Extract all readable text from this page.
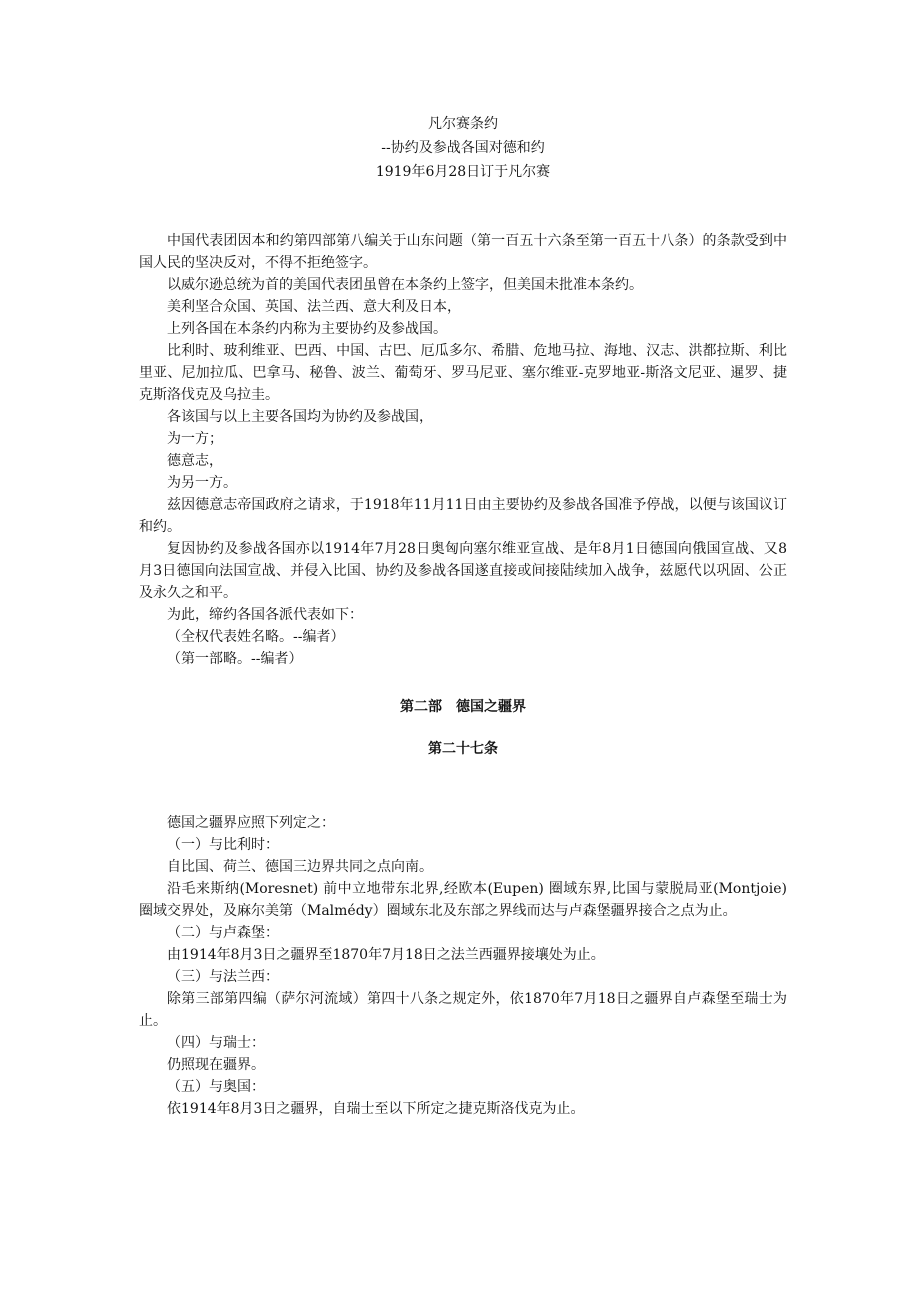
凡尔赛条约
--协约及参战各国对德和约
1919年6月28日订于凡尔赛

中国代表团因本和约第四部第八编关于山东问题（第一百五十六条至第一百五十八条）的条款受到中国人民的坚决反对，不得不拒绝签字。

以威尔逊总统为首的美国代表团虽曾在本条约上签字，但美国未批准本条约。

美利坚合众国、英国、法兰西、意大利及日本，

上列各国在本条约内称为主要协约及参战国。

比利时、玻利维亚、巴西、中国、古巴、厄瓜多尔、希腊、危地马拉、海地、汉志、洪都拉斯、利比里亚、尼加拉瓜、巴拿马、秘鲁、波兰、葡萄牙、罗马尼亚、塞尔维亚-克罗地亚-斯洛文尼亚、暹罗、捷克斯洛伐克及乌拉圭。

各该国与以上主要各国均为协约及参战国，

为一方；

德意志，

为另一方。

兹因德意志帝国政府之请求，于1918年11月11日由主要协约及参战各国准予停战，以便与该国议订和约。

复因协约及参战各国亦以1914年7月28日奥匈向塞尔维亚宣战、是年8月1日德国向俄国宣战、又8月3日德国向法国宣战、并侵入比国、协约及参战各国遂直接或间接陆续加入战争，兹愿代以巩固、公正及永久之和平。

为此，缔约各国各派代表如下：

（全权代表姓名略。--编者）

（第一部略。--编者）

第二部　德国之疆界

第二十七条

德国之疆界应照下列定之：

（一）与比利时：

自比国、荷兰、德国三边界共同之点向南。

沿毛来斯纳(Moresnet) 前中立地带东北界,经欧本(Eupen) 圈域东界,比国与蒙脱局亚(Montjoie) 圈域交界处，及麻尔美第（Malmédy）圈域东北及东部之界线而达与卢森堡疆界接合之点为止。

（二）与卢森堡：

由1914年8月3日之疆界至1870年7月18日之法兰西疆界接壤处为止。

（三）与法兰西：

除第三部第四编（萨尔河流域）第四十八条之规定外，依1870年7月18日之疆界自卢森堡至瑞士为止。

（四）与瑞士：

仍照现在疆界。

（五）与奥国：

依1914年8月3日之疆界，自瑞士至以下所定之捷克斯洛伐克为止。
